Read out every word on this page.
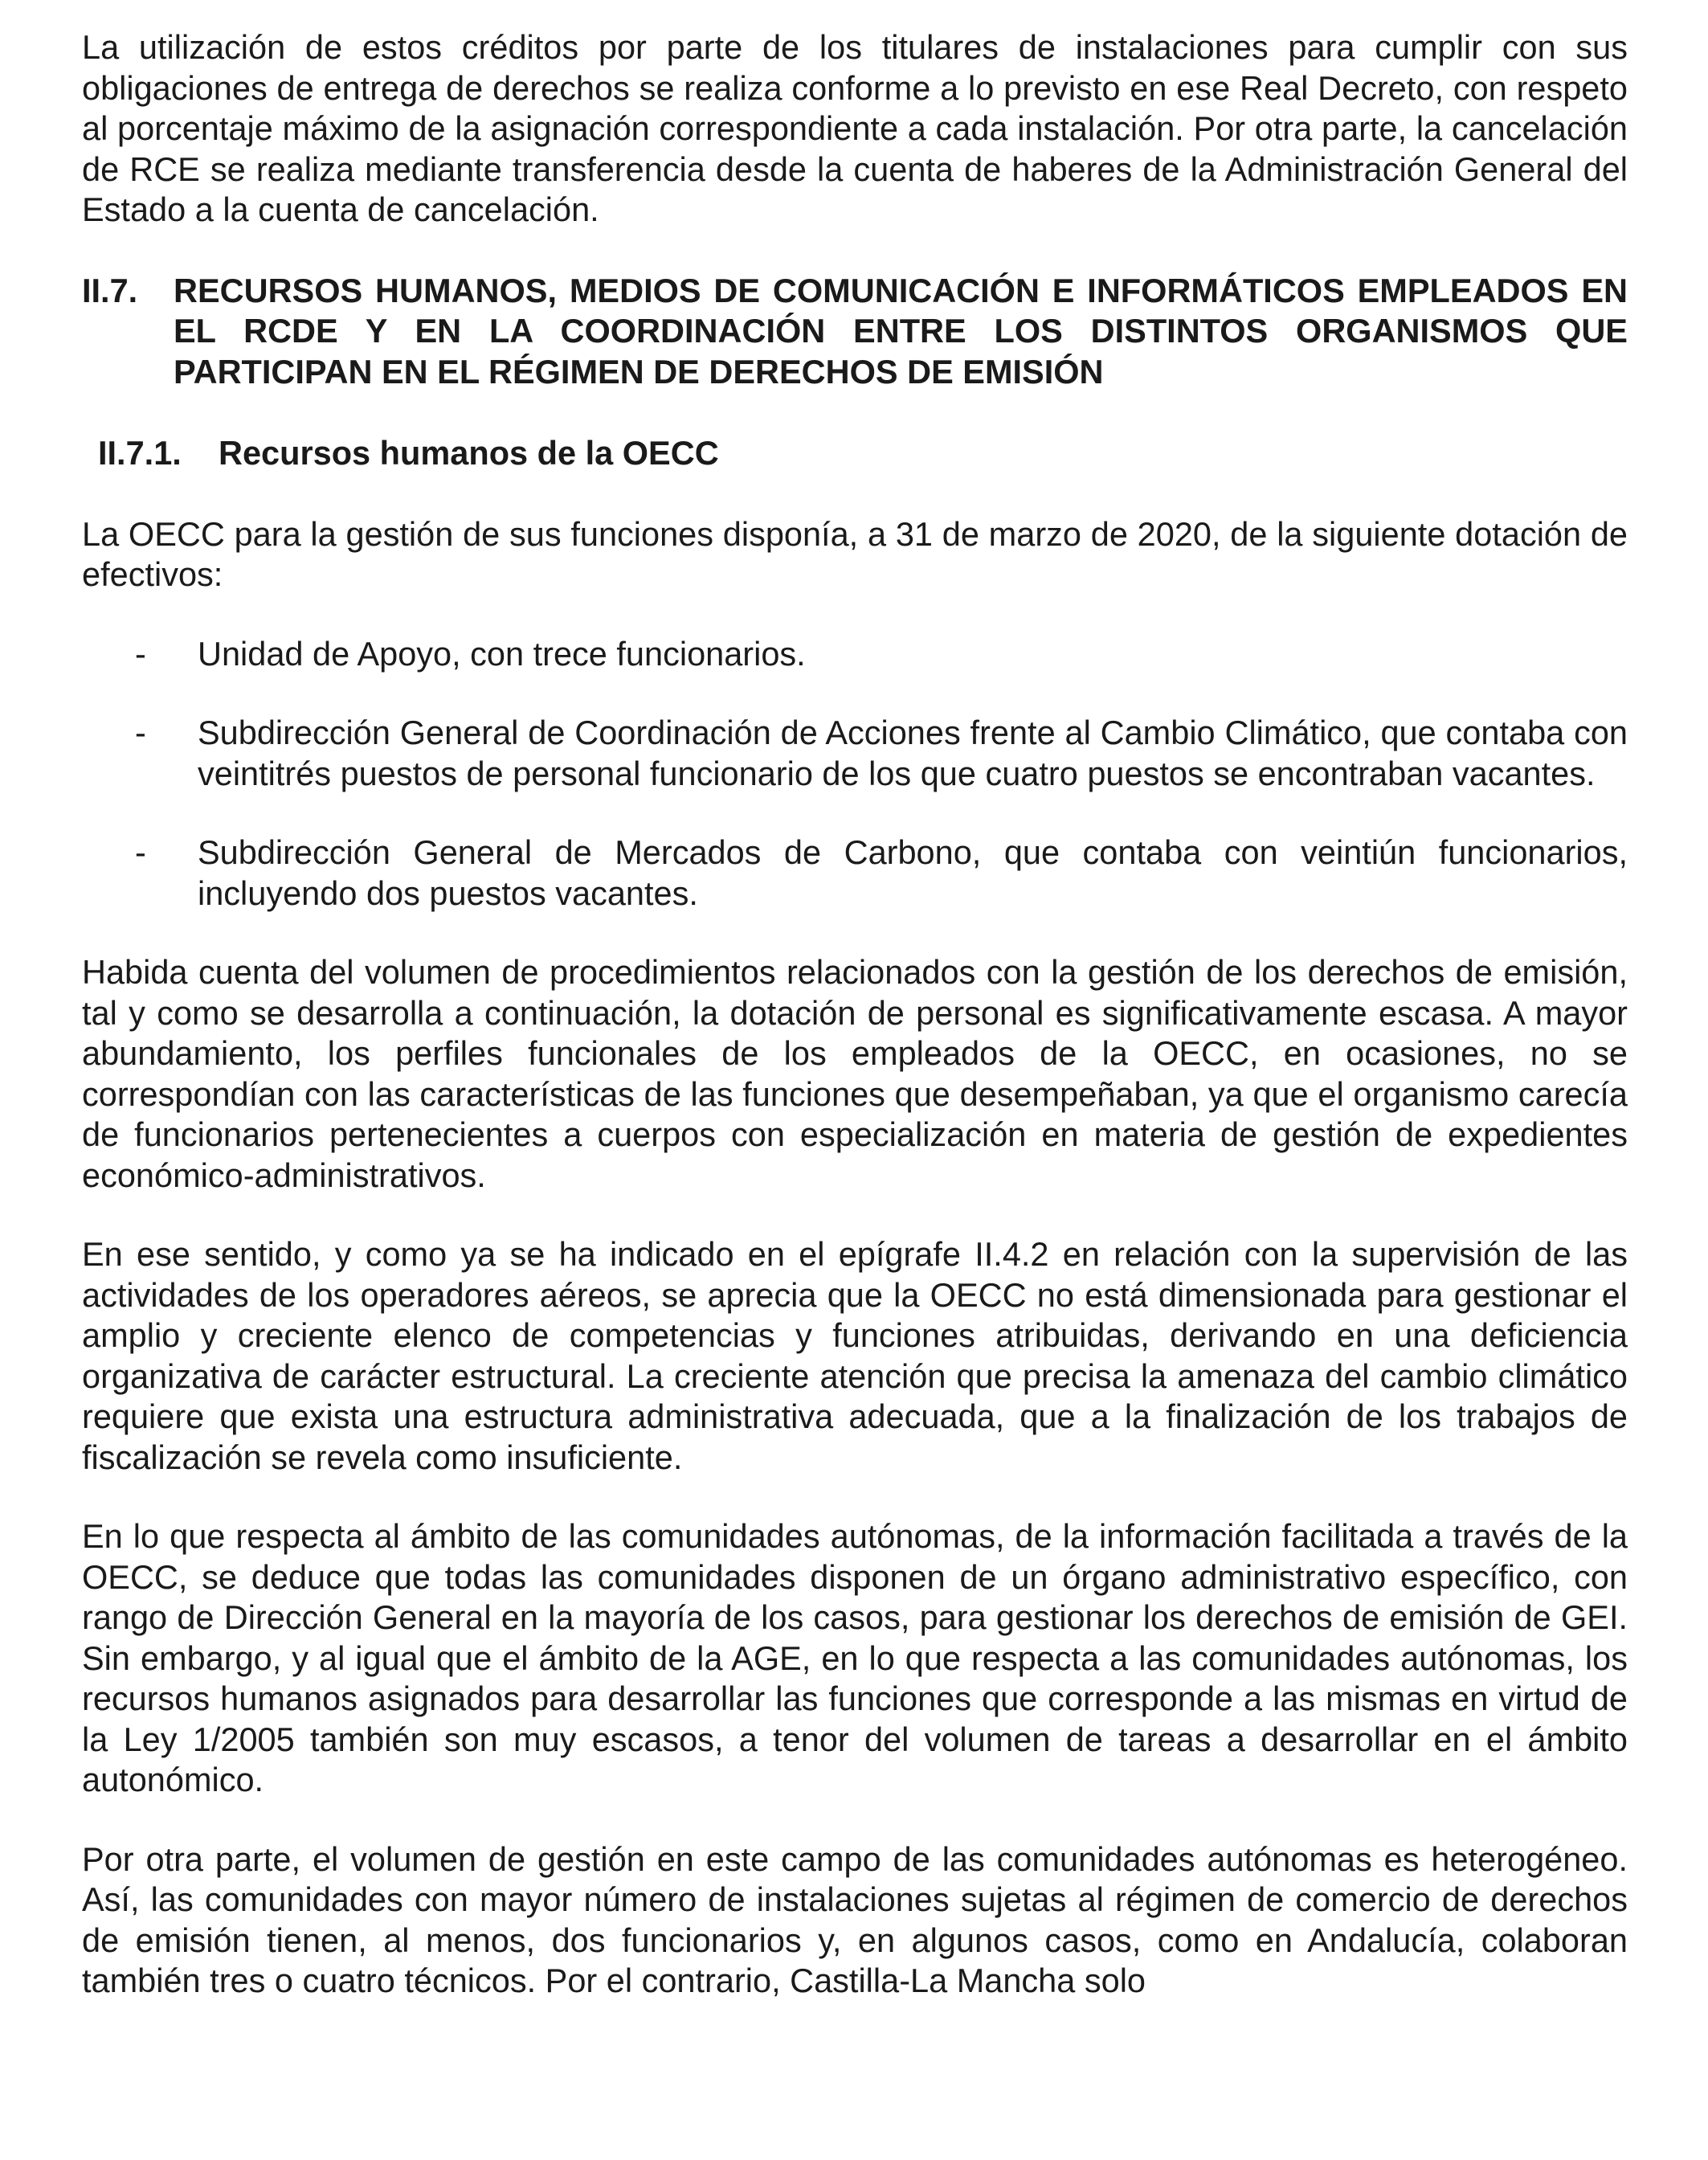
La utilización de estos créditos por parte de los titulares de instalaciones para cumplir con sus obligaciones de entrega de derechos se realiza conforme a lo previsto en ese Real Decreto, con respeto al porcentaje máximo de la asignación correspondiente a cada instalación. Por otra parte, la cancelación de RCE se realiza mediante transferencia desde la cuenta de haberes de la Administración General del Estado a la cuenta de cancelación.

II.7.	RECURSOS HUMANOS, MEDIOS DE COMUNICACIÓN E INFORMÁTICOS EMPLEADOS EN EL RCDE Y EN LA COORDINACIÓN ENTRE LOS DISTINTOS ORGANISMOS QUE PARTICIPAN EN EL RÉGIMEN DE DERECHOS DE EMISIÓN
II.7.1.	Recursos humanos de la OECC

La OECC para la gestión de sus funciones disponía, a 31 de marzo de 2020, de la siguiente dotación de efectivos:

-	Unidad de Apoyo, con trece funcionarios.
-	Subdirección General de Coordinación de Acciones frente al Cambio Climático, que contaba con veintitrés puestos de personal funcionario de los que cuatro puestos se encontraban vacantes.
-	Subdirección General de Mercados de Carbono, que contaba con veintiún funcionarios, incluyendo dos puestos vacantes.

Habida cuenta del volumen de procedimientos relacionados con la gestión de los derechos de emisión, tal y como se desarrolla a continuación, la dotación de personal es significativamente escasa. A mayor abundamiento, los perfiles funcionales de los empleados de la OECC, en ocasiones, no se correspondían con las características de las funciones que desempeñaban, ya que el organismo carecía de funcionarios pertenecientes a cuerpos con especialización en materia de gestión de expedientes económico-administrativos.

En ese sentido, y como ya se ha indicado en el epígrafe II.4.2 en relación con la supervisión de las actividades de los operadores aéreos, se aprecia que la OECC no está dimensionada para gestionar el amplio y creciente elenco de competencias y funciones atribuidas, derivando en una deficiencia organizativa de carácter estructural. La creciente atención que precisa la amenaza del cambio climático requiere que exista una estructura administrativa adecuada, que a la finalización de los trabajos de fiscalización se revela como insuficiente.

En lo que respecta al ámbito de las comunidades autónomas, de la información facilitada a través de la OECC, se deduce que todas las comunidades disponen de un órgano administrativo específico, con rango de Dirección General en la mayoría de los casos, para gestionar los derechos de emisión de GEI. Sin embargo, y al igual que el ámbito de la AGE, en lo que respecta a las comunidades autónomas, los recursos humanos asignados para desarrollar las funciones que corresponde a las mismas en virtud de la Ley 1/2005 también son muy escasos, a tenor del volumen de tareas a desarrollar en el ámbito autonómico.

Por otra parte, el volumen de gestión en este campo de las comunidades autónomas es heterogéneo. Así, las comunidades con mayor número de instalaciones sujetas al régimen de comercio de derechos de emisión tienen, al menos, dos funcionarios y, en algunos casos, como en Andalucía, colaboran también tres o cuatro técnicos. Por el contrario, Castilla-La Mancha solo
